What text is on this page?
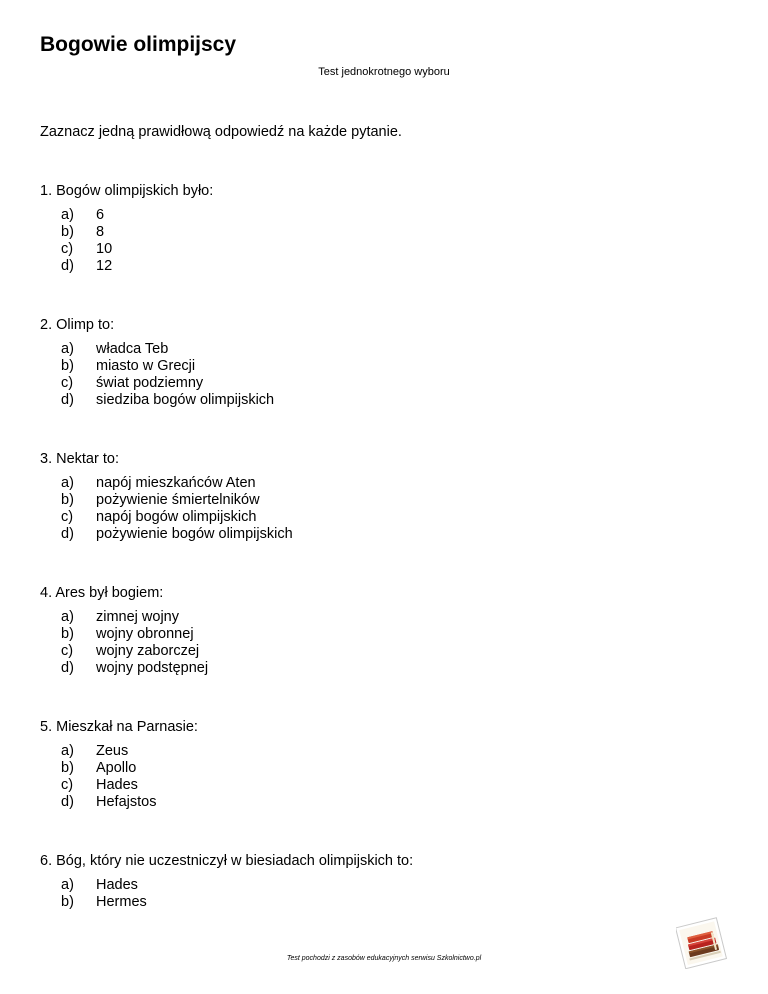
Bogowie olimpijscy
Test jednokrotnego wyboru
Zaznacz jedną prawidłową odpowiedź na każde pytanie.
1. Bogów olimpijskich było:
a) 6
b) 8
c) 10
d) 12
2. Olimp to:
a) władca Teb
b) miasto w Grecji
c) świat podziemny
d) siedziba bogów olimpijskich
3. Nektar to:
a) napój mieszkańców Aten
b) pożywienie śmiertelników
c) napój bogów olimpijskich
d) pożywienie bogów olimpijskich
4. Ares był bogiem:
a) zimnej wojny
b) wojny obronnej
c) wojny zaborczej
d) wojny podstępnej
5. Mieszkał na Parnasie:
a) Zeus
b) Apollo
c) Hades
d) Hefajstos
6. Bóg, który nie uczestniczył w biesiadach olimpijskich to:
a) Hades
b) Hermes
Test pochodzi z zasobów edukacyjnych serwisu Szkolnictwo.pl
